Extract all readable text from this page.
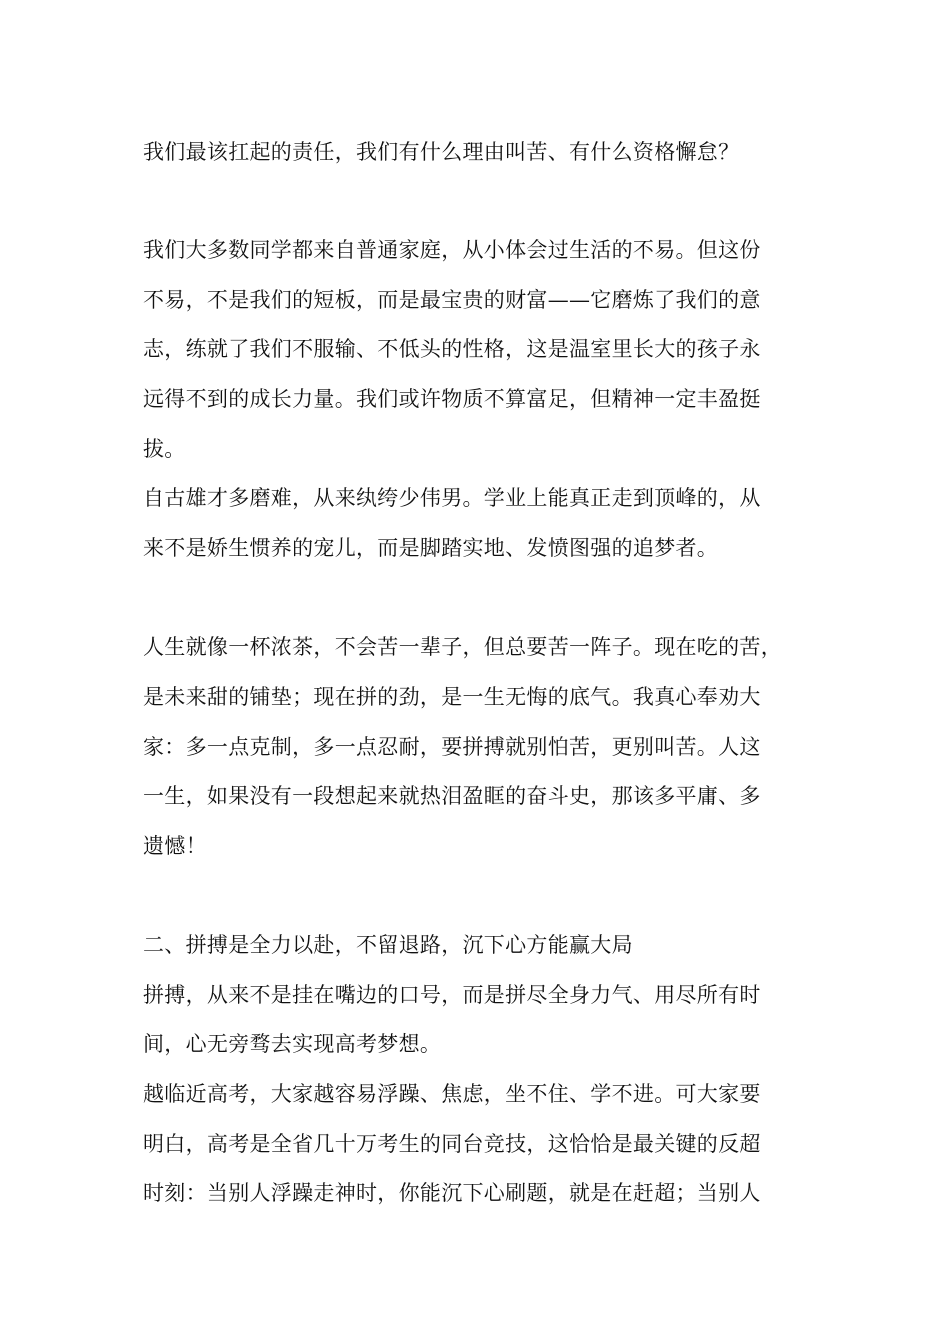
我们最该扛起的责任，我们有什么理由叫苦、有什么资格懈怠？
我们大多数同学都来自普通家庭，从小体会过生活的不易。但这份
不易，不是我们的短板，而是最宝贵的财富——它磨炼了我们的意
志，练就了我们不服输、不低头的性格，这是温室里长大的孩子永
远得不到的成长力量。我们或许物质不算富足，但精神一定丰盈挺
拔。
自古雄才多磨难，从来纨绔少伟男。学业上能真正走到顶峰的，从
来不是娇生惯养的宠儿，而是脚踏实地、发愤图强的追梦者。
人生就像一杯浓茶，不会苦一辈子，但总要苦一阵子。现在吃的苦，
是未来甜的铺垫；现在拼的劲，是一生无悔的底气。我真心奉劝大
家：多一点克制，多一点忍耐，要拼搏就别怕苦，更别叫苦。人这
一生，如果没有一段想起来就热泪盈眶的奋斗史，那该多平庸、多
遗憾！
二、拼搏是全力以赴，不留退路，沉下心方能赢大局
拼搏，从来不是挂在嘴边的口号，而是拼尽全身力气、用尽所有时
间，心无旁骛去实现高考梦想。
越临近高考，大家越容易浮躁、焦虑，坐不住、学不进。可大家要
明白，高考是全省几十万考生的同台竞技，这恰恰是最关键的反超
时刻：当别人浮躁走神时，你能沉下心刷题，就是在赶超；当别人
